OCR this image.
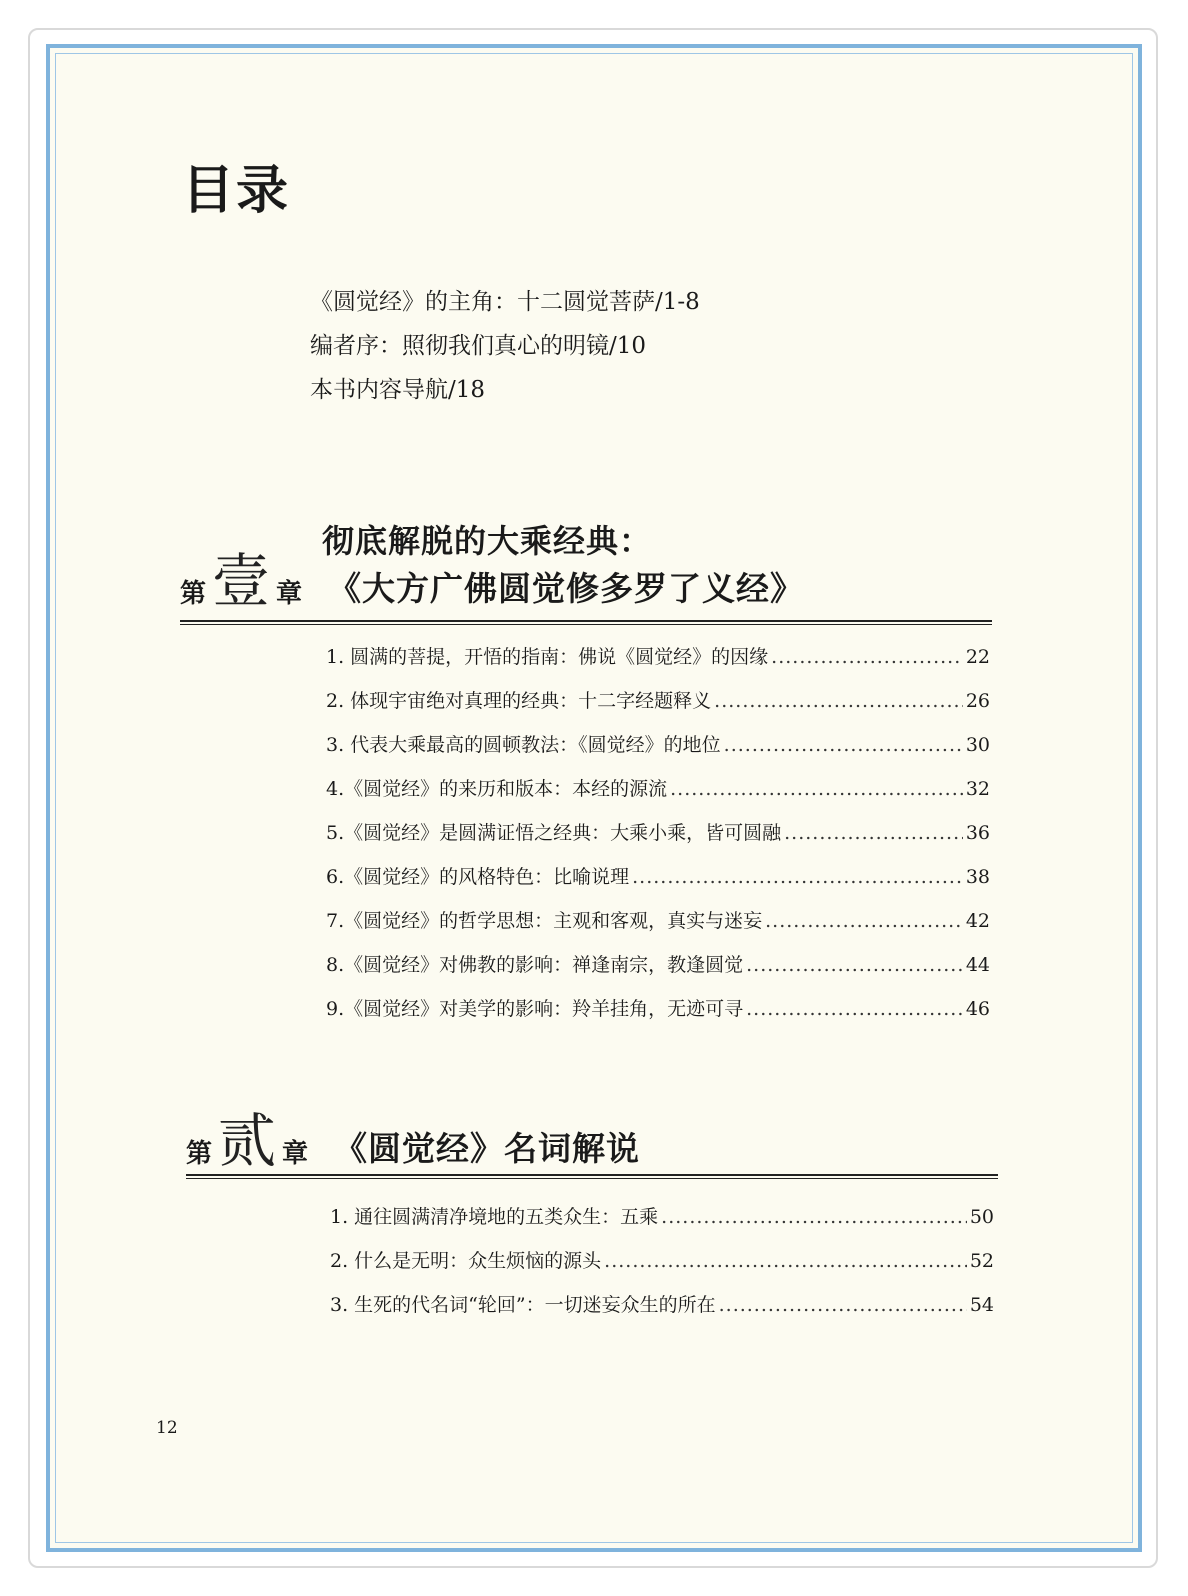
目录
《圆觉经》的主角：十二圆觉菩萨/1-8
编者序：照彻我们真心的明镜/10
本书内容导航/18
彻底解脱的大乘经典：
第 壹 章 《大方广佛圆觉修多罗了义经》
1. 圆满的菩提，开悟的指南：佛说《圆觉经》的因缘 .....	22
2. 体现宇宙绝对真理的经典：十二字经题释义 .....	26
3. 代表大乘最高的圆顿教法：《圆觉经》的地位 .....	30
4.《圆觉经》的来历和版本：本经的源流 .....	32
5.《圆觉经》是圆满证悟之经典：大乘小乘，皆可圆融 .....	36
6.《圆觉经》的风格特色：比喻说理 .....	38
7.《圆觉经》的哲学思想：主观和客观，真实与迷妄 .....	42
8.《圆觉经》对佛教的影响：禅逢南宗，教逢圆觉 .....	44
9.《圆觉经》对美学的影响：羚羊挂角，无迹可寻 .....	46
第 贰 章 《圆觉经》名词解说
1. 通往圆满清净境地的五类众生：五乘 .....	50
2. 什么是无明：众生烦恼的源头 .....	52
3. 生死的代名词“轮回”：一切迷妄众生的所在 .....	54
12
